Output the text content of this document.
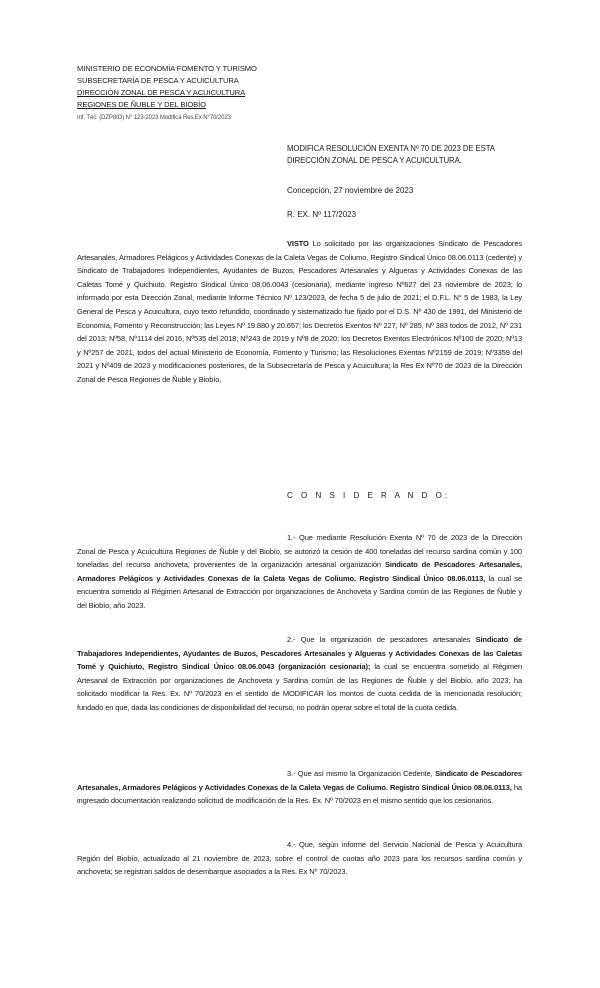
MINISTERIO DE ECONOMÍA FOMENTO Y TURISMO
SUBSECRETARÍA DE PESCA Y ACUICULTURA
DIRECCIÓN ZONAL DE PESCA Y ACUICULTURA
REGIONES DE ÑUBLE Y DEL BIOBÍO
Inf. Téc. (DZP8IO) N° 123-2023 Modifica Res.Ex N°70/2023
MODIFICA RESOLUCIÓN EXENTA Nº 70 DE 2023 DE ESTA DIRECCIÓN ZONAL DE PESCA Y ACUICULTURA.
Concepción, 27 noviembre de 2023
R. EX. Nº 117/2023
VISTO Lo solicitado por las organizaciones Sindicato de Pescadores Artesanales, Armadores Pelágicos y Actividades Conexas de la Caleta Vegas de Coliumo. Registro Sindical Único 08.06.0113 (cedente) y Sindicato de Trabajadores Independientes, Ayudantes de Buzos, Pescadores Artesanales y Algueras y Actividades Conexas de las Caletas Tomé y Quichiuto. Registro Sindical Único 08.06.0043 (cesionaria), mediante ingreso Nº627 del 23 noviembre de 2023; lo informado por esta Dirección Zonal, mediante Informe Técnico Nº 123/2023, de fecha 5 de julio de 2021; el D.F.L. N° 5 de 1983, la Ley General de Pesca y Acuicultura, cuyo texto refundido, coordinado y sistematizado fue fijado por el D.S. Nº 430 de 1991, del Ministerio de Economía, Fomento y Reconstrucción; las Leyes Nº 19.880 y 20.657; los Decretos Exentos Nº 227, Nº 285, Nº 383 todos de 2012, Nº 231 del 2013; Nº58, Nº1114 del 2016, Nº535 del 2018; Nº243 de 2019 y Nº8 de 2020; los Decretos Exentos Electrónicos Nº100 de 2020; Nº13 y Nº257 de 2021, todos del actual Ministerio de Economía, Fomento y Turismo; las Resoluciones Exentas Nº2159 de 2019; Nº3359 del 2021 y Nº409 de 2023 y modificaciones posteriores, de la Subsecretaría de Pesca y Acuicultura; la Res Ex Nº70 de 2023 de la Dirección Zonal de Pesca Regiones de Ñuble y Biobío,
C O N S I D E R A N D O:
1.- Que mediante Resolución Exenta Nº 70 de 2023 de la Dirección Zonal de Pesca y Acuicultura Regiones de Ñuble y del Biobío, se autorizó la cesión de 400 toneladas del recurso sardina común y 100 toneladas del recurso anchoveta, provenientes de la organización artesanal organización Sindicato de Pescadores Artesanales, Armadores Pelágicos y Actividades Conexas de la Caleta Vegas de Coliumo. Registro Sindical Único 08.06.0113, la cual se encuentra sometido al Régimen Artesanal de Extracción por organizaciones de Anchoveta y Sardina común de las Regiones de Ñuble y del Biobío, año 2023.
2.- Que la organización de pescadores artesanales Sindicato de Trabajadores Independientes, Ayudantes de Buzos, Pescadores Artesanales y Algueras y Actividades Conexas de las Caletas Tomé y Quichiuto, Registro Sindical Único 08.06.0043 (organización cesionaria); la cual se encuentra sometido al Régimen Artesanal de Extracción por organizaciones de Anchoveta y Sardina común de las Regiones de Ñuble y del Biobío, año 2023; ha solicitado modificar la Res. Ex. Nº 70/2023 en el sentido de MODIFICAR los montos de cuota cedida de la mencionada resolución; fundado en que, dada las condiciones de disponibilidad del recurso, no podrán operar sobre el total de la cuota cedida.
3.- Que así mismo la Organización Cedente, Sindicato de Pescadores Artesanales, Armadores Pelágicos y Actividades Conexas de la Caleta Vegas de Coliumo. Registro Sindical Único 08.06.0113, ha ingresado documentación realizando solicitud de modificación de la Res. Ex. Nº 70/2023 en el mismo sentido que los cesionarios.
4.- Que, según informe del Servicio Nacional de Pesca y Acuicultura Región del Biobío, actualizado al 21 noviembre de 2023, sobre el control de cuotas año 2023 para los recursos sardina común y anchoveta; se registran saldos de desembarque asociados a la Res. Ex Nº 70/2023.
